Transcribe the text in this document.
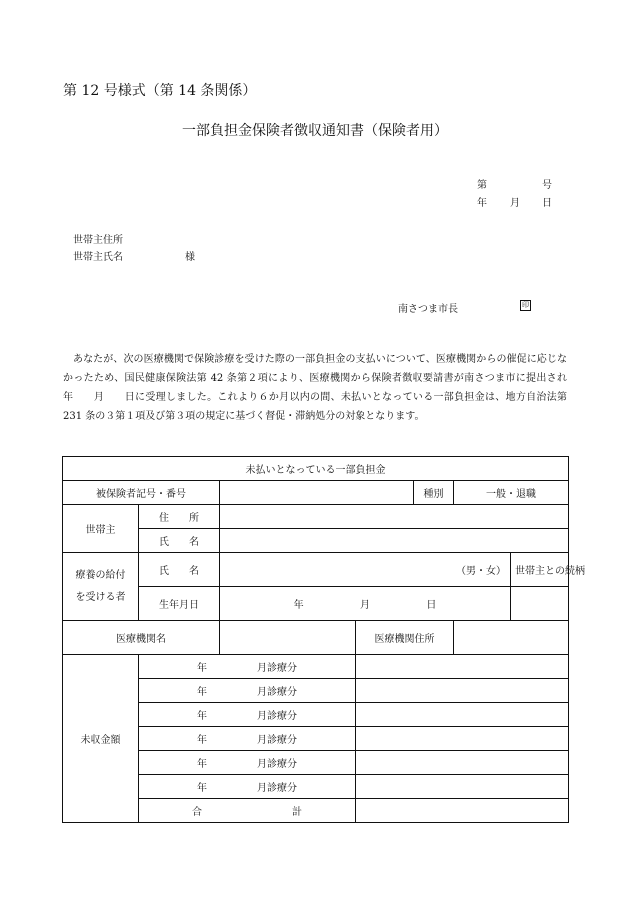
第 12 号様式（第 14 条関係）
一部負担金保険者徴収通知書（保険者用）
第	号
年 月 日
世帯主住所
世帯主氏名	様
南さつま市長	印
あなたが、次の医療機関で保険診療を受けた際の一部負担金の支払いについて、医療機関からの催促に応じなかったため、国民健康保険法第 42 条第２項により、医療機関から保険者徴収要請書が南さつま市に提出され　　年　　月　　日に受理しました。これより６か月以内の間、未払いとなっている一部負担金は、地方自治法第 231 条の３第１項及び第３項の規定に基づく督促・滞納処分の対象となります。
未払いとなっている一部負担金						
被保険者記号・番号				種別	一般・退職	
世帯主	住　　所					
	氏　　名					
療養の給付
を受ける者	氏　　名	（男・女）				世帯主との続柄
	生年月日	年 月 日				
医療機関名			医療機関住所			
未収金額	年 月診療分					
	年 月診療分					
	年 月診療分					
	年 月診療分					
	年 月診療分					
	年 月診療分					
	合 計					
